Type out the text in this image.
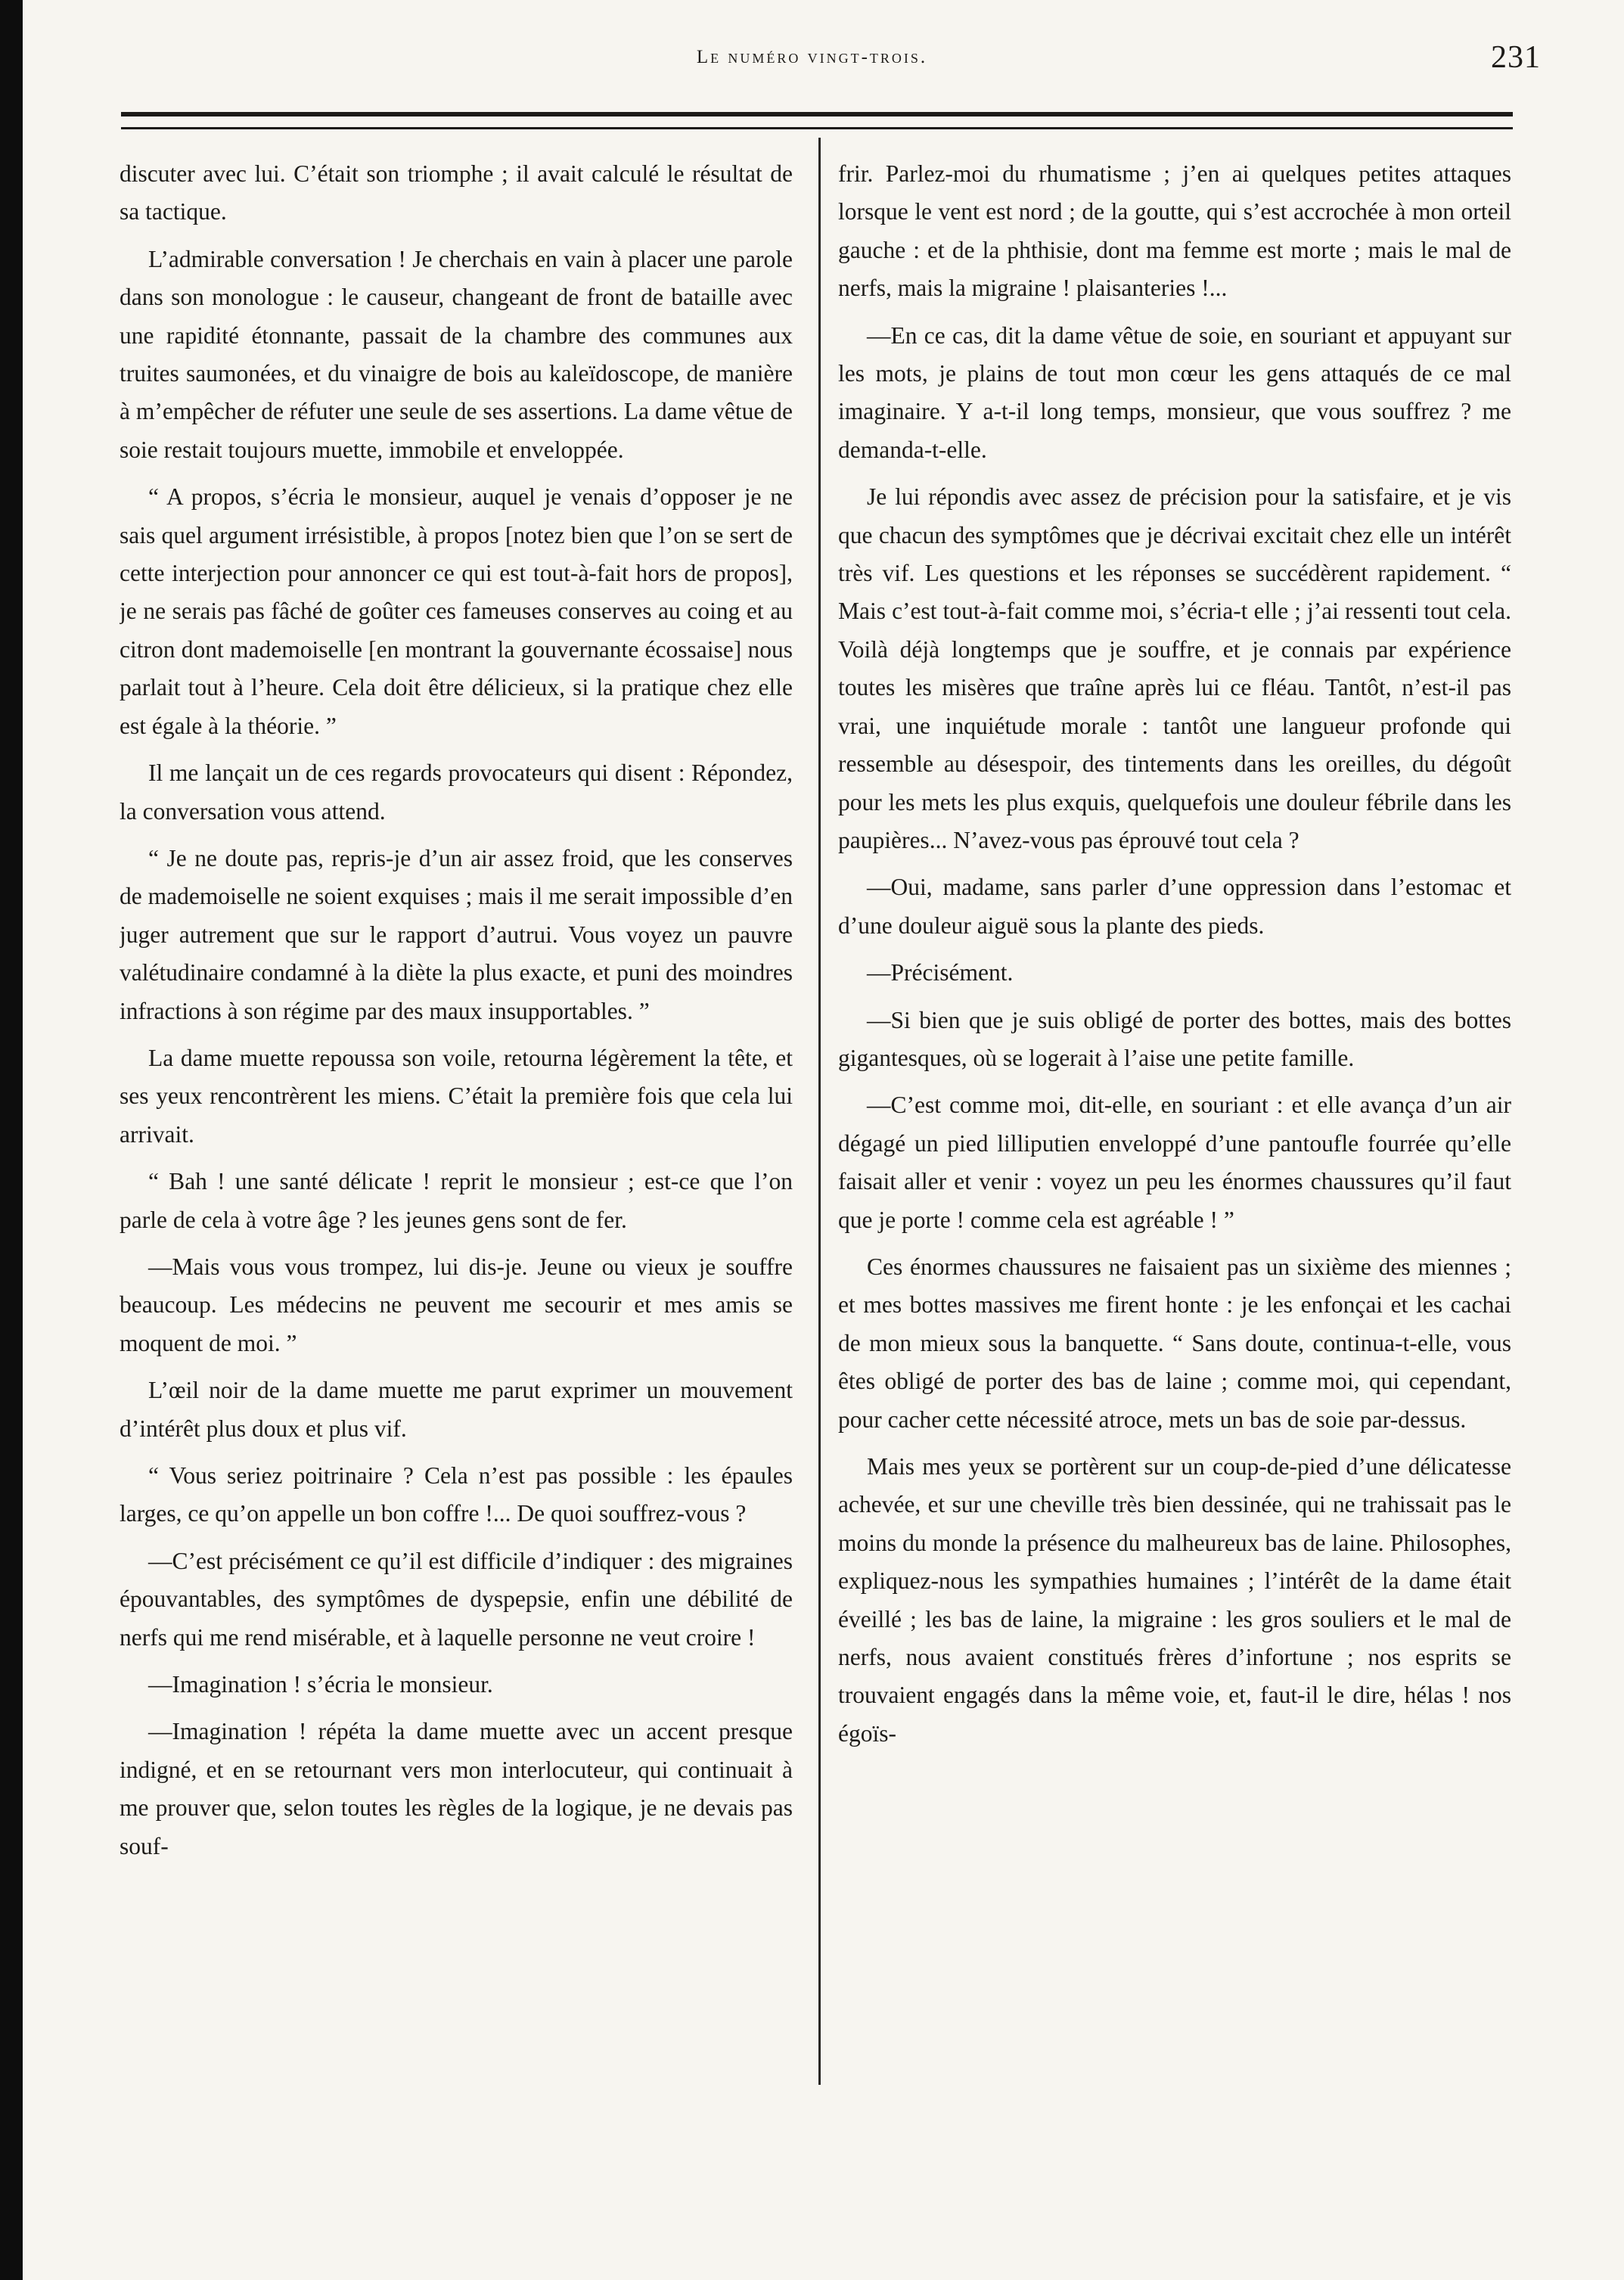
Le numéro vingt-trois.	231

discuter avec lui. C’était son triomphe ; il avait calculé le résultat de sa tactique.

L’admirable conversation ! Je cherchais en vain à placer une parole dans son monologue : le causeur, changeant de front de bataille avec une rapidité étonnante, passait de la chambre des communes aux truites saumonées, et du vinaigre de bois au kaleïdoscope, de manière à m’empêcher de réfuter une seule de ses assertions. La dame vêtue de soie restait toujours muette, immobile et enveloppée.

“ A propos, s’écria le monsieur, auquel je venais d’opposer je ne sais quel argument irrésistible, à propos [notez bien que l’on se sert de cette interjection pour annoncer ce qui est tout-à-fait hors de propos], je ne serais pas fâché de goûter ces fameuses conserves au coing et au citron dont mademoiselle [en montrant la gouvernante écossaise] nous parlait tout à l’heure. Cela doit être délicieux, si la pratique chez elle est égale à la théorie. ”

Il me lançait un de ces regards provocateurs qui disent : Répondez, la conversation vous attend.

“ Je ne doute pas, repris-je d’un air assez froid, que les conserves de mademoiselle ne soient exquises ; mais il me serait impossible d’en juger autrement que sur le rapport d’autrui. Vous voyez un pauvre valétudinaire condamné à la diète la plus exacte, et puni des moindres infractions à son régime par des maux insupportables. ”

La dame muette repoussa son voile, retourna légèrement la tête, et ses yeux rencontrèrent les miens. C’était la première fois que cela lui arrivait.

“ Bah ! une santé délicate ! reprit le monsieur ; est-ce que l’on parle de cela à votre âge ? les jeunes gens sont de fer.

—Mais vous vous trompez, lui dis-je. Jeune ou vieux je souffre beaucoup. Les médecins ne peuvent me secourir et mes amis se moquent de moi. ”

L’œil noir de la dame muette me parut exprimer un mouvement d’intérêt plus doux et plus vif.

“ Vous seriez poitrinaire ? Cela n’est pas possible : les épaules larges, ce qu’on appelle un bon coffre !... De quoi souffrez-vous ?

—C’est précisément ce qu’il est difficile d’indiquer : des migraines épouvantables, des symptômes de dyspepsie, enfin une débilité de nerfs qui me rend misérable, et à laquelle personne ne veut croire !

—Imagination ! s’écria le monsieur.

—Imagination ! répéta la dame muette avec un accent presque indigné, et en se retournant vers mon interlocuteur, qui continuait à me prouver que, selon toutes les règles de la logique, je ne devais pas souf-

frir. Parlez-moi du rhumatisme ; j’en ai quelques petites attaques lorsque le vent est nord ; de la goutte, qui s’est accrochée à mon orteil gauche : et de la phthisie, dont ma femme est morte ; mais le mal de nerfs, mais la migraine ! plaisanteries !...

—En ce cas, dit la dame vêtue de soie, en souriant et appuyant sur les mots, je plains de tout mon cœur les gens attaqués de ce mal imaginaire. Y a-t-il long temps, monsieur, que vous souffrez ? me demanda-t-elle.

Je lui répondis avec assez de précision pour la satisfaire, et je vis que chacun des symptômes que je décrivai excitait chez elle un intérêt très vif. Les questions et les réponses se succédèrent rapidement. “ Mais c’est tout-à-fait comme moi, s’écria-t elle ; j’ai ressenti tout cela. Voilà déjà longtemps que je souffre, et je connais par expérience toutes les misères que traîne après lui ce fléau. Tantôt, n’est-il pas vrai, une inquiétude morale : tantôt une langueur profonde qui ressemble au désespoir, des tintements dans les oreilles, du dégoût pour les mets les plus exquis, quelquefois une douleur fébrile dans les paupières... N’avez-vous pas éprouvé tout cela ?

—Oui, madame, sans parler d’une oppression dans l’estomac et d’une douleur aiguë sous la plante des pieds.

—Précisément.

—Si bien que je suis obligé de porter des bottes, mais des bottes gigantesques, où se logerait à l’aise une petite famille.

—C’est comme moi, dit-elle, en souriant : et elle avança d’un air dégagé un pied lilliputien enveloppé d’une pantoufle fourrée qu’elle faisait aller et venir : voyez un peu les énormes chaussures qu’il faut que je porte ! comme cela est agréable ! ”

Ces énormes chaussures ne faisaient pas un sixième des miennes ; et mes bottes massives me firent honte : je les enfonçai et les cachai de mon mieux sous la banquette. “ Sans doute, continua-t-elle, vous êtes obligé de porter des bas de laine ; comme moi, qui cependant, pour cacher cette nécessité atroce, mets un bas de soie par-dessus.

Mais mes yeux se portèrent sur un coup-de-pied d’une délicatesse achevée, et sur une cheville très bien dessinée, qui ne trahissait pas le moins du monde la présence du malheureux bas de laine. Philosophes, expliquez-nous les sympathies humaines ; l’intérêt de la dame était éveillé ; les bas de laine, la migraine : les gros souliers et le mal de nerfs, nous avaient constitués frères d’infortune ; nos esprits se trouvaient engagés dans la même voie, et, faut-il le dire, hélas ! nos égoïs-
